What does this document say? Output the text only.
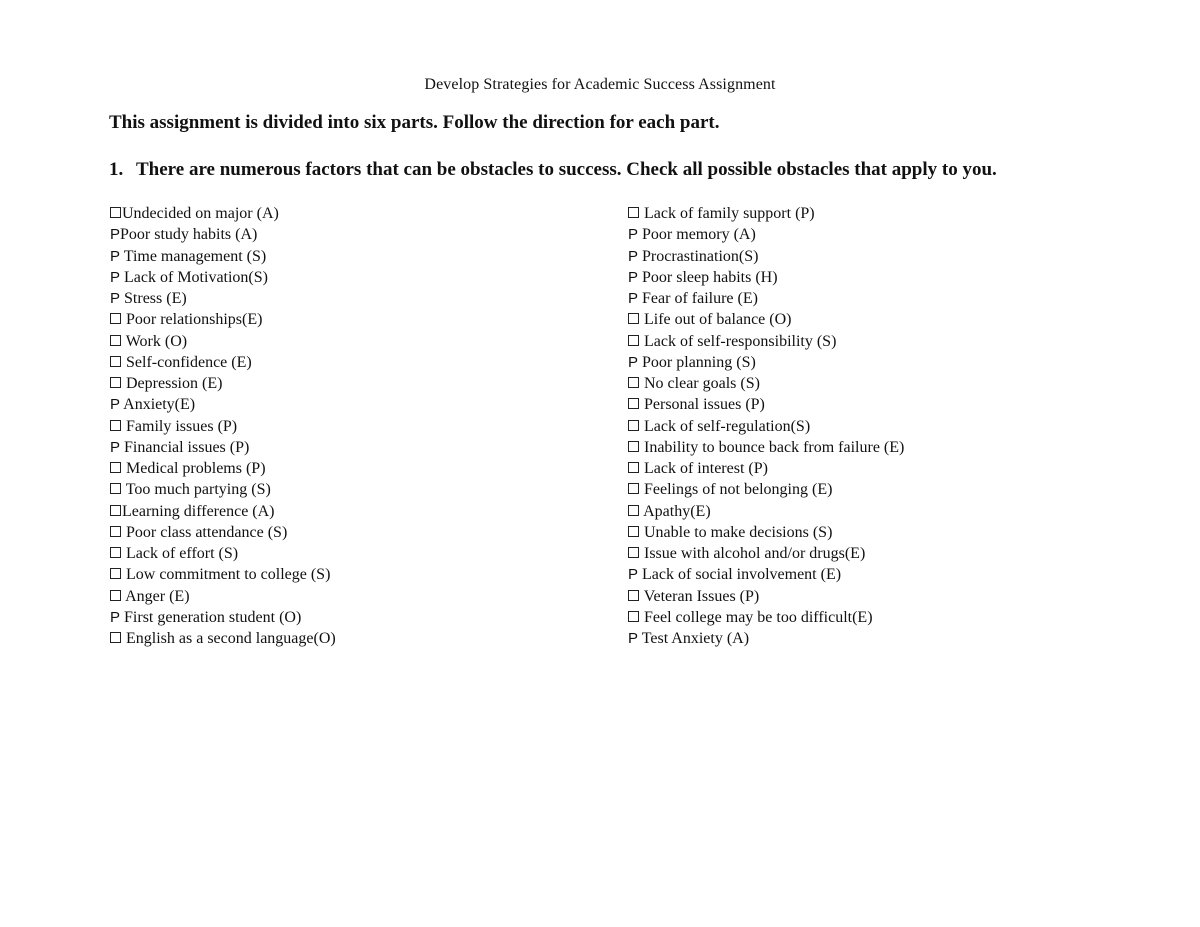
Develop Strategies for Academic Success Assignment
This assignment is divided into six parts. Follow the direction for each part.
1. There are numerous factors that can be obstacles to success. Check all possible obstacles that apply to you.
Undecided on major (A)
PPoor study habits (A)
P Time management (S)
P Lack of Motivation(S)
P Stress (E)
Poor relationships(E)
Work (O)
Self-confidence (E)
Depression (E)
P Anxiety(E)
Family issues (P)
P Financial issues (P)
Medical problems (P)
Too much partying (S)
Learning difference (A)
Poor class attendance (S)
Lack of effort (S)
Low commitment to college (S)
Anger (E)
P First generation student (O)
English as a second language(O)
Lack of family support (P)
P Poor memory (A)
P Procrastination(S)
P Poor sleep habits (H)
P Fear of failure (E)
Life out of balance (O)
Lack of self-responsibility (S)
P Poor planning (S)
No clear goals (S)
Personal issues (P)
Lack of self-regulation(S)
Inability to bounce back from failure (E)
Lack of interest (P)
Feelings of not belonging (E)
Apathy(E)
Unable to make decisions (S)
Issue with alcohol and/or drugs(E)
P Lack of social involvement (E)
Veteran Issues (P)
Feel college may be too difficult(E)
P Test Anxiety (A)
